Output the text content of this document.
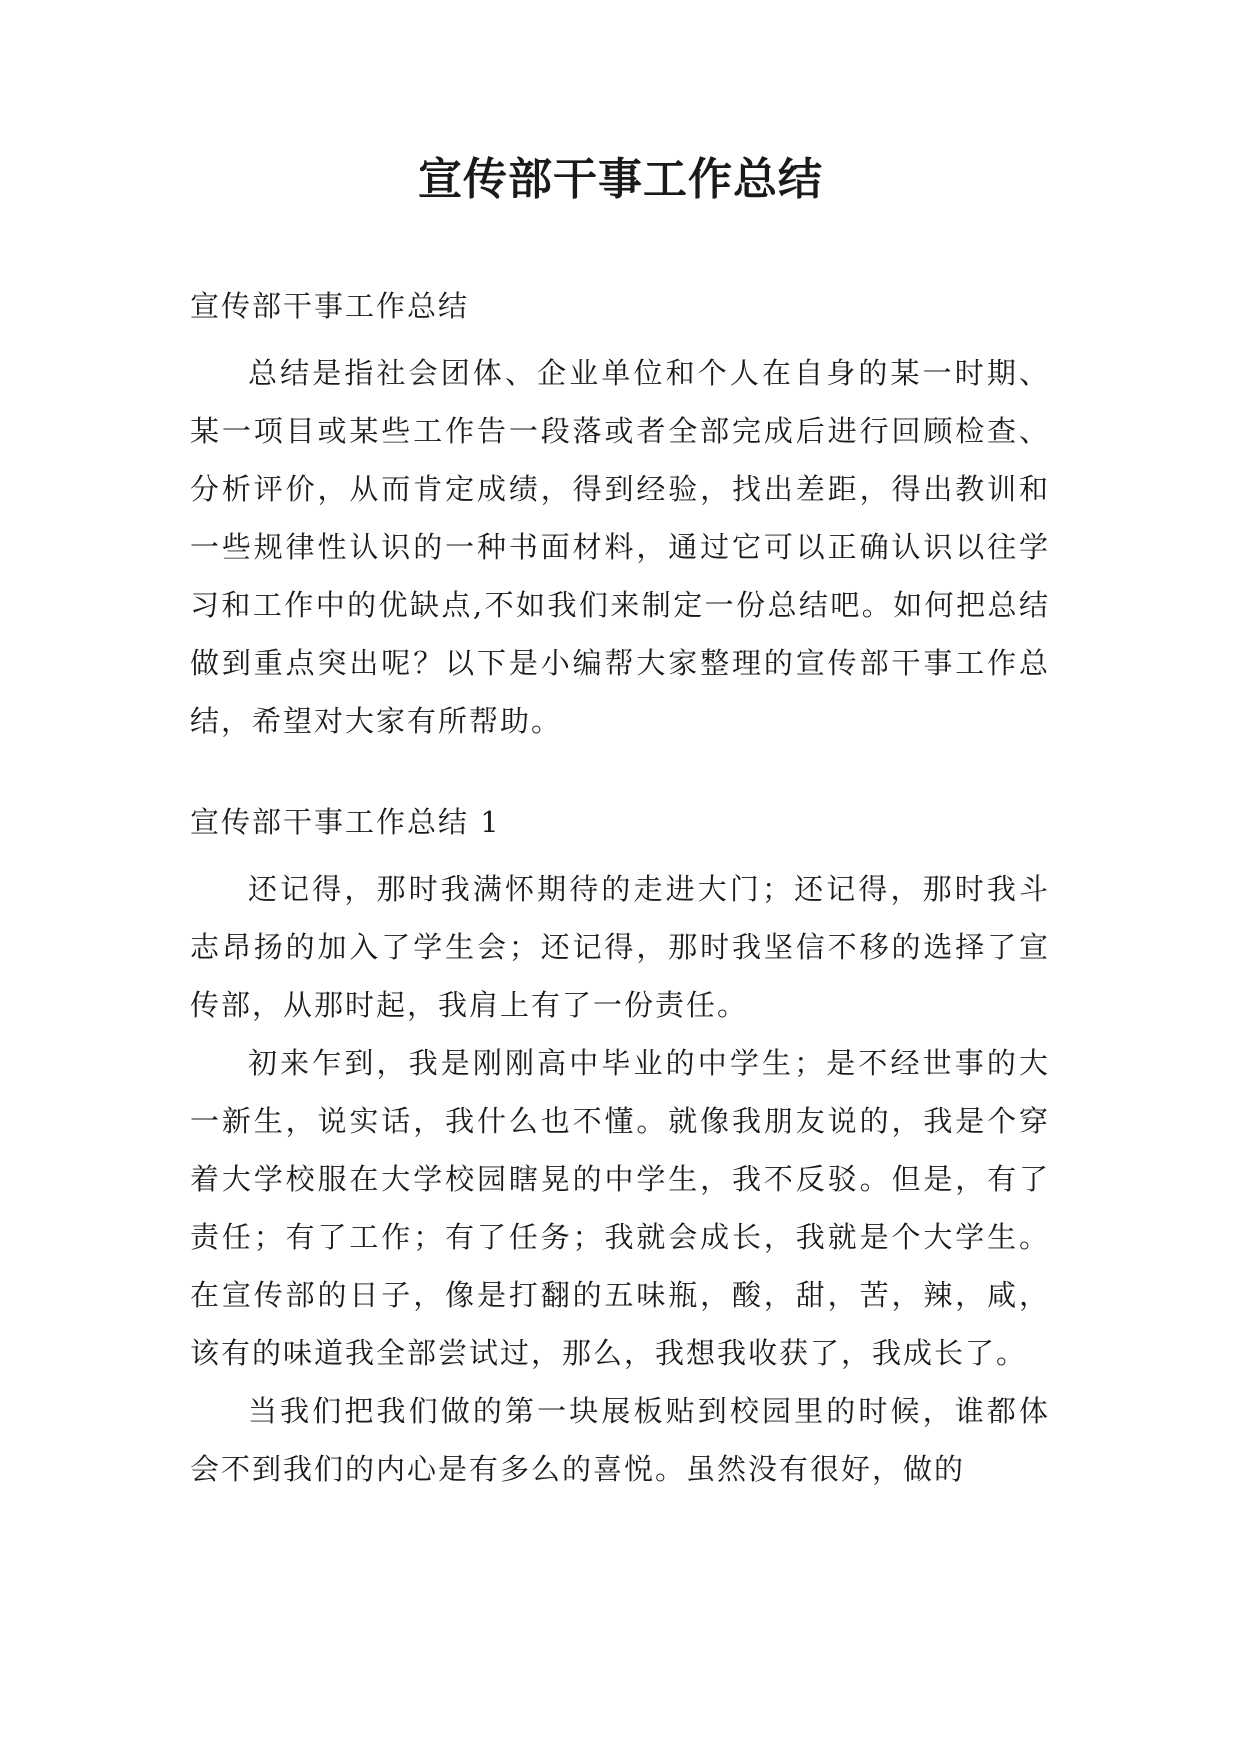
宣传部干事工作总结

宣传部干事工作总结

总结是指社会团体、企业单位和个人在自身的某一时期、某一项目或某些工作告一段落或者全部完成后进行回顾检查、分析评价，从而肯定成绩，得到经验，找出差距，得出教训和一些规律性认识的一种书面材料，通过它可以正确认识以往学习和工作中的优缺点,不如我们来制定一份总结吧。如何把总结做到重点突出呢？以下是小编帮大家整理的宣传部干事工作总结，希望对大家有所帮助。

宣传部干事工作总结 1

还记得，那时我满怀期待的走进大门；还记得，那时我斗志昂扬的加入了学生会；还记得，那时我坚信不移的选择了宣传部，从那时起，我肩上有了一份责任。

初来乍到，我是刚刚高中毕业的中学生；是不经世事的大一新生，说实话，我什么也不懂。就像我朋友说的，我是个穿着大学校服在大学校园瞎晃的中学生，我不反驳。但是，有了责任；有了工作；有了任务；我就会成长，我就是个大学生。在宣传部的日子，像是打翻的五味瓶，酸，甜，苦，辣，咸，该有的味道我全部尝试过，那么，我想我收获了，我成长了。

当我们把我们做的第一块展板贴到校园里的时候，谁都体会不到我们的内心是有多么的喜悦。虽然没有很好，做的
